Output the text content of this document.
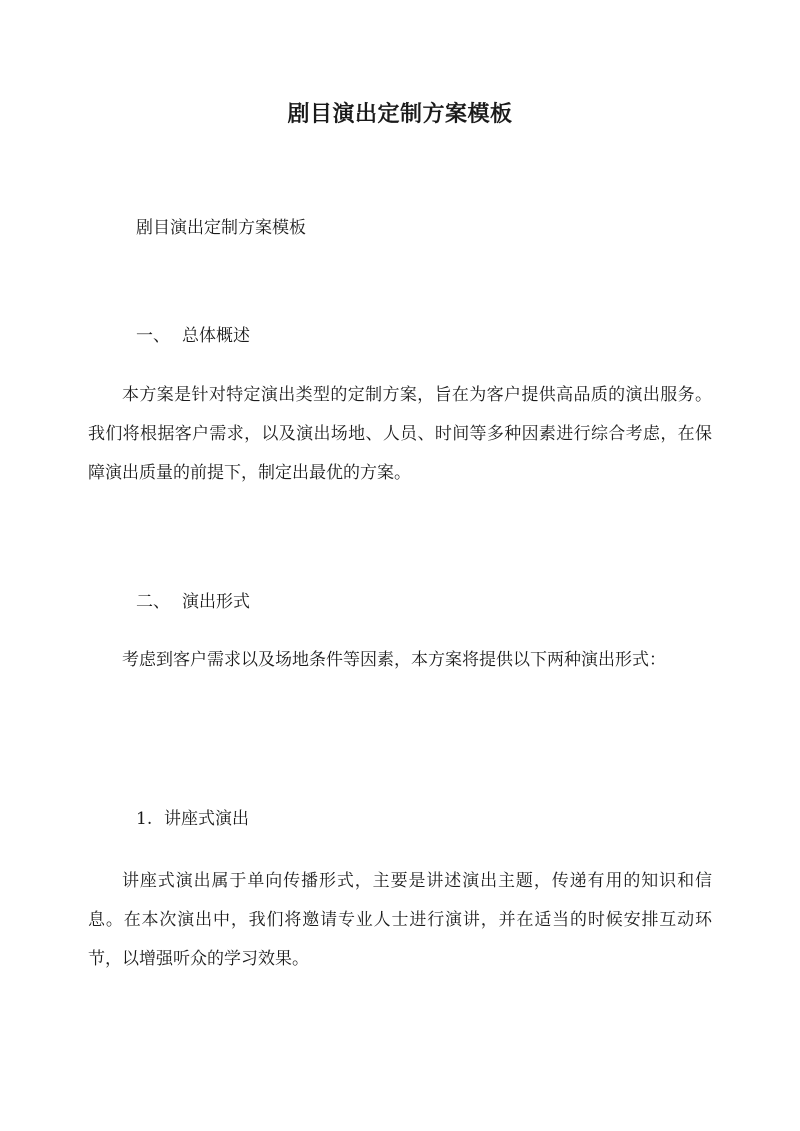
剧目演出定制方案模板

剧目演出定制方案模板

一、 总体概述

本方案是针对特定演出类型的定制方案，旨在为客户提供高品质的演出服务。我们将根据客户需求，以及演出场地、人员、时间等多种因素进行综合考虑，在保障演出质量的前提下，制定出最优的方案。

二、 演出形式

考虑到客户需求以及场地条件等因素，本方案将提供以下两种演出形式：

1. 讲座式演出

讲座式演出属于单向传播形式，主要是讲述演出主题，传递有用的知识和信息。在本次演出中，我们将邀请专业人士进行演讲，并在适当的时候安排互动环节，以增强听众的学习效果。
